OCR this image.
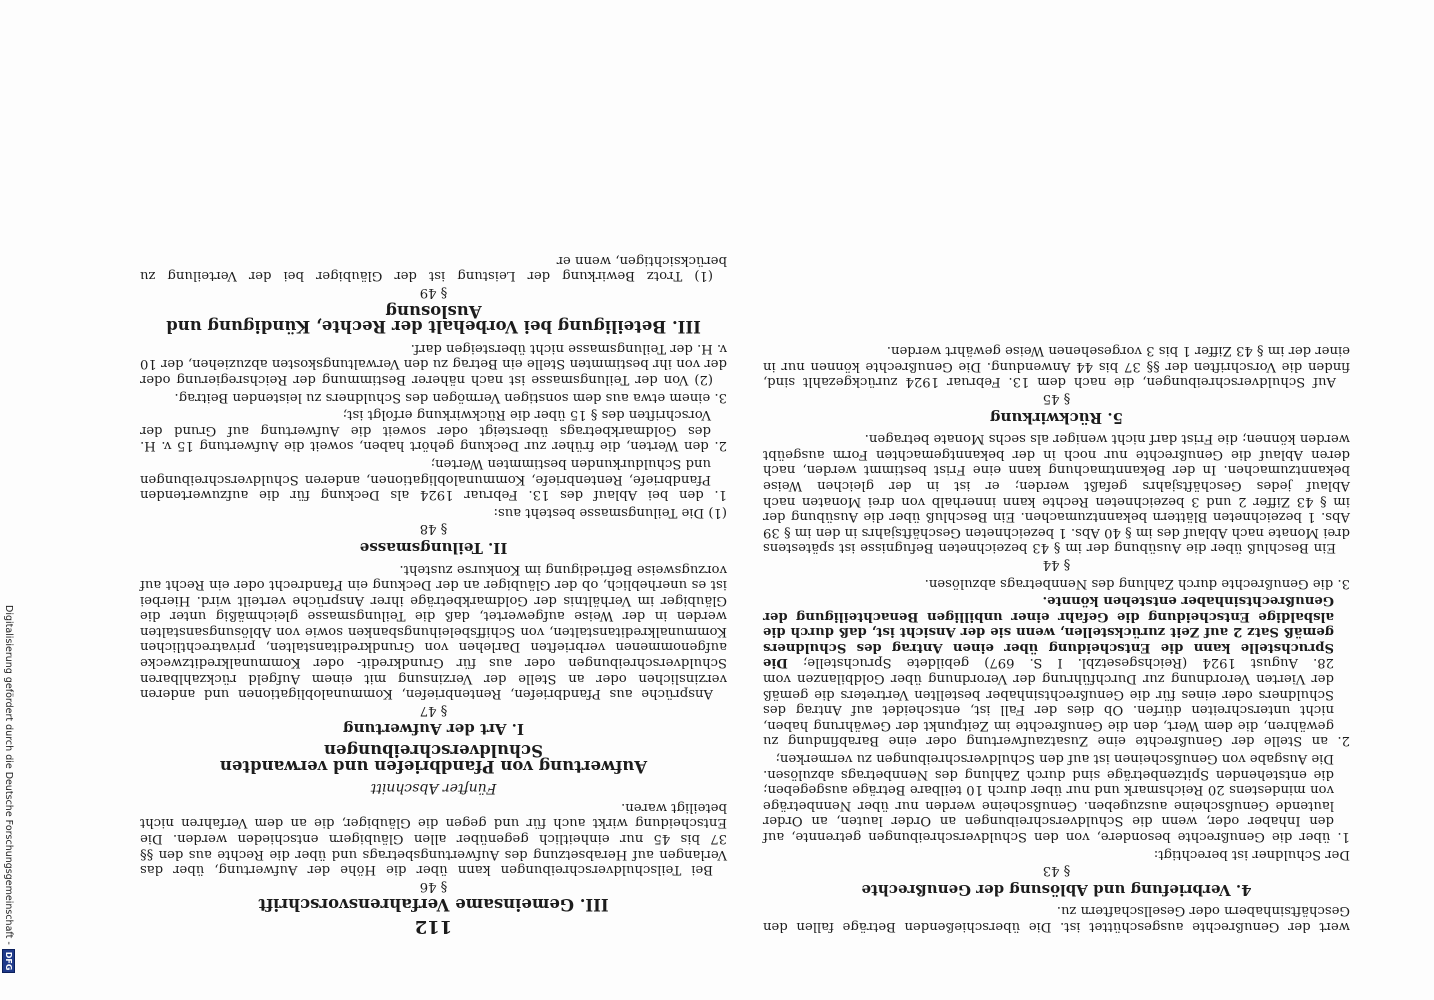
wert der Genußrechte ausgeschüttet ist. Die überschießenden Beträge fallen den Geschäftsinhabern oder Gesellschaftern zu.

4. Verbriefung und Ablösung der Genußrechte
§ 43

Der Schuldner ist berechtigt:

1. über die Genußrechte besondere, von den Schuldverschreibungen getrennte, auf den Inhaber oder, wenn die Schuldverschreibungen an Order lauten, an Order lautende Genußscheine auszugeben. Genußscheine werden nur über Nennbeträge von mindestens 20 Reichsmark und nur über durch 10 teilbare Beträge ausgegeben; die entstehenden Spitzenbeträge sind durch Zahlung des Nennbetrags abzulösen. Die Ausgabe von Genußscheinen ist auf den Schuldverschreibungen zu vermerken;
2. an Stelle der Genußrechte eine Zusatzaufwertung oder eine Barabfindung zu gewähren, die dem Wert, den die Genußrechte im Zeitpunkt der Gewährung haben, nicht unterschreiten dürfen. Ob dies der Fall ist, entscheidet auf Antrag des Schuldners oder eines für die Genußrechtsinhaber bestellten Vertreters die gemäß der Vierten Verordnung zur Durchführung der Verordnung über Goldbilanzen vom 28. August 1924 (Reichsgesetzbl. I S. 697) gebildete Spruchstelle; Die Spruchstelle kann die Entscheidung über einen Antrag des Schuldners gemäß Satz 2 auf Zeit zurückstellen, wenn sie der Ansicht ist, daß durch die alsbaldige Entscheidung die Gefahr einer unbilligen Benachteiligung der Genußrechtsinhaber entstehen könnte.
3. die Genußrechte durch Zahlung des Nennbetrags abzulösen.
§ 44

Ein Beschluß über die Ausübung der im § 43 bezeichneten Befugnisse ist spätestens drei Monate nach Ablauf des im § 40 Abs. 1 bezeichneten Geschäftsjahrs in den im § 39 Abs. 1 bezeichneten Blättern bekanntzumachen. Ein Beschluß über die Ausübung der im § 43 Ziffer 2 und 3 bezeichneten Rechte kann innerhalb von drei Monaten nach Ablauf jedes Geschäftsjahrs gefaßt werden; er ist in der gleichen Weise bekanntzumachen. In der Bekanntmachung kann eine Frist bestimmt werden, nach deren Ablauf die Genußrechte nur noch in der bekanntgemachten Form ausgeübt werden können; die Frist darf nicht weniger als sechs Monate betragen.

5. Rückwirkung
§ 45

Auf Schuldverschreibungen, die nach dem 13. Februar 1924 zurückgezahlt sind, finden die Vorschriften der §§ 37 bis 44 Anwendung. Die Genußrechte können nur in einer der im § 43 Ziffer 1 bis 3 vorgesehenen Weise gewährt werden.

112
III. Gemeinsame Verfahrensvorschrift
§ 46

Bei Teilschuldverschreibungen kann über die Höhe der Aufwertung, über das Verlangen auf Herabsetzung des Aufwertungsbetrags und über die Rechte aus den §§ 37 bis 45 nur einheitlich gegenüber allen Gläubigern entschieden werden. Die Entscheidung wirkt auch für und gegen die Gläubiger, die an dem Verfahren nicht beteiligt waren.

Fünfter Abschnitt
Aufwertung von Pfandbriefen und verwandten Schuldverschreibungen
I. Art der Aufwertung
§ 47

Ansprüche aus Pfandbriefen, Rentenbriefen, Kommunalobligationen und anderen verzinslichen oder an Stelle der Verzinsung mit einem Aufgeld rückzahlbaren Schuldverschreibungen oder aus für Grundkredit- oder Kommunalkreditzwecke aufgenommenen verbrieften Darlehen von Grundkreditanstalten, privatrechtlichen Kommunalkreditanstalten, von Schiffsbeleihungsbanken sowie von Ablösungsanstalten werden in der Weise aufgewertet, daß die Teilungsmasse gleichmäßig unter die Gläubiger im Verhältnis der Goldmarkbeträge ihrer Ansprüche verteilt wird. Hierbei ist es unerheblich, ob der Gläubiger an der Deckung ein Pfandrecht oder ein Recht auf vorzugsweise Befriedigung im Konkurse zusteht.

II. Teilungsmasse
§ 48

(1) Die Teilungsmasse besteht aus:

1. den bei Ablauf des 13. Februar 1924 als Deckung für die aufzuwertenden Pfandbriefe, Rentenbriefe, Kommunalobligationen, anderen Schuldverschreibungen und Schuldurkunden bestimmten Werten;
2. den Werten, die früher zur Deckung gehört haben, soweit die Aufwertung 15 v. H. des Goldmarkbetrags übersteigt oder soweit die Aufwertung auf Grund der Vorschriften des § 15 über die Rückwirkung erfolgt ist;
3. einem etwa aus dem sonstigen Vermögen des Schuldners zu leistenden Beitrag.

(2) Von der Teilungsmasse ist nach näherer Bestimmung der Reichsregierung oder der von ihr bestimmten Stelle ein Betrag zu den Verwaltungskosten abzuziehen, der 10 v. H. der Teilungsmasse nicht übersteigen darf.

III. Beteiligung bei Vorbehalt der Rechte, Kündigung und Auslosung
§ 49

(1) Trotz Bewirkung der Leistung ist der Gläubiger bei der Verteilung zu berücksichtigen, wenn er

Digitalisierung gefördert durch die Deutsche Forschungsgemeinschaft -
DFG
